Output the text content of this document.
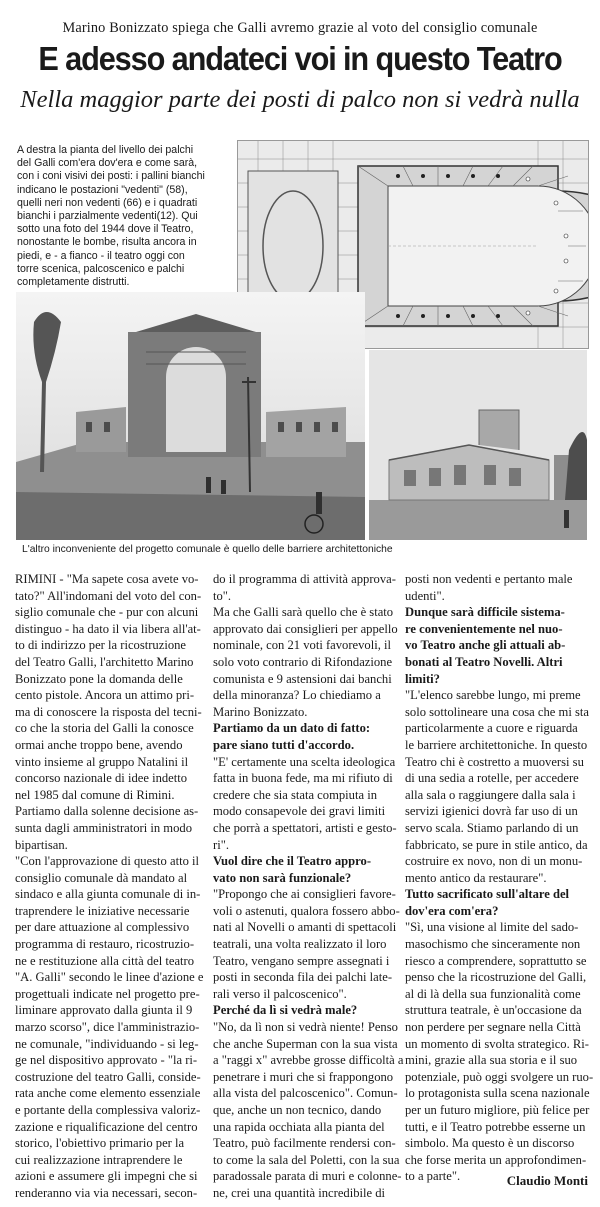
Marino Bonizzato spiega che Galli avremo grazie al voto del consiglio comunale
E adesso andateci voi in questo Teatro
Nella maggior parte dei posti di palco non si vedrà nulla
A destra la pianta del livello dei palchi
del Galli com'era dov'era e come sarà,
con i coni visivi dei posti: i pallini bianchi
indicano le postazioni "vedenti" (58),
quelli neri non vedenti (66) e i quadrati
bianchi i parzialmente vedenti(12). Qui
sotto una foto del 1944 dove il Teatro,
nonostante le bombe, risulta ancora in
piedi, e - a fianco - il teatro oggi con
torre scenica, palcoscenico e palchi
completamente distrutti.
L'altro inconveniente del progetto comunale è quello delle barriere architettoniche
RIMINI - "Ma sapete cosa avete vo-
tato?" All'indomani del voto del con-
siglio comunale che - pur con alcuni
distinguo - ha dato il via libera all'at-
to di indirizzo per la ricostruzione
del Teatro Galli, l'architetto Marino
Bonizzato pone la domanda delle
cento pistole. Ancora un attimo pri-
ma di conoscere la risposta del tecni-
co che la storia del Galli la conosce
ormai anche troppo bene, avendo
vinto insieme al gruppo Natalini il
concorso nazionale di idee indetto
nel 1985 dal comune di Rimini.
Partiamo dalla solenne decisione as-
sunta dagli amministratori in modo
bipartisan.
"Con l'approvazione di questo atto il
consiglio comunale dà mandato al
sindaco e alla giunta comunale di in-
traprendere le iniziative necessarie
per dare attuazione al complessivo
programma di restauro, ricostruzio-
ne e restituzione alla città del teatro
"A. Galli" secondo le linee d'azione e
progettuali indicate nel progetto pre-
liminare approvato dalla giunta il 9
marzo scorso", dice l'amministrazio-
ne comunale, "individuando - si leg-
ge nel dispositivo approvato - "la ri-
costruzione del teatro Galli, conside-
rata anche come elemento essenziale
e portante della complessiva valoriz-
zazione e riqualificazione del centro
storico, l'obiettivo primario per la
cui realizzazione intraprendere le
azioni e assumere gli impegni che si
renderanno via via necessari, secon-
do il programma di attività approva-
to".
Ma che Galli sarà quello che è stato
approvato dai consiglieri per appello
nominale, con 21 voti favorevoli, il
solo voto contrario di Rifondazione
comunista e 9 astensioni dai banchi
della minoranza? Lo chiediamo a
Marino Bonizzato.
Partiamo da un dato di fatto:
pare siano tutti d'accordo.
"E' certamente una scelta ideologica
fatta in buona fede, ma mi rifiuto di
credere che sia stata compiuta in
modo consapevole dei gravi limiti
che porrà a spettatori, artisti e gesto-
ri".
Vuol dire che il Teatro appro-
vato non sarà funzionale?
"Propongo che ai consiglieri favore-
voli o astenuti, qualora fossero abbo-
nati al Novelli o amanti di spettacoli
teatrali, una volta realizzato il loro
Teatro, vengano sempre assegnati i
posti in seconda fila dei palchi late-
rali verso il palcoscenico".
Perché da lì si vedrà male?
"No, da lì non si vedrà niente! Penso
che anche Superman con la sua vista
a "raggi x" avrebbe grosse difficoltà a
penetrare i muri che si frappongono
alla vista del palcoscenico". Comun-
que, anche un non tecnico, dando
una rapida occhiata alla pianta del
Teatro, può facilmente rendersi con-
to come la sala del Poletti, con la sua
paradossale parata di muri e colonne-
ne, crei una quantità incredibile di
posti non vedenti e pertanto male
udenti".
Dunque sarà difficile sistema-
re convenientemente nel nuo-
vo Teatro anche gli attuali ab-
bonati al Teatro Novelli. Altri
limiti?
"L'elenco sarebbe lungo, mi preme
solo sottolineare una cosa che mi sta
particolarmente a cuore e riguarda
le barriere architettoniche. In questo
Teatro chi è costretto a muoversi su
di una sedia a rotelle, per accedere
alla sala o raggiungere dalla sala i
servizi igienici dovrà far uso di un
servo scala. Stiamo parlando di un
fabbricato, se pure in stile antico, da
costruire ex novo, non di un monu-
mento antico da restaurare".
Tutto sacrificato sull'altare del
dov'era com'era?
"Sì, una visione al limite del sado-
masochismo che sinceramente non
riesco a comprendere, soprattutto se
penso che la ricostruzione del Galli,
al di là della sua funzionalità come
struttura teatrale, è un'occasione da
non perdere per segnare nella Città
un momento di svolta strategico. Ri-
mini, grazie alla sua storia e il suo
potenziale, può oggi svolgere un ruo-
lo protagonista sulla scena nazionale
per un futuro migliore, più felice per
tutti, e il Teatro potrebbe esserne un
simbolo. Ma questo è un discorso
che forse merita un approfondimen-
to a parte".	Claudio Monti
